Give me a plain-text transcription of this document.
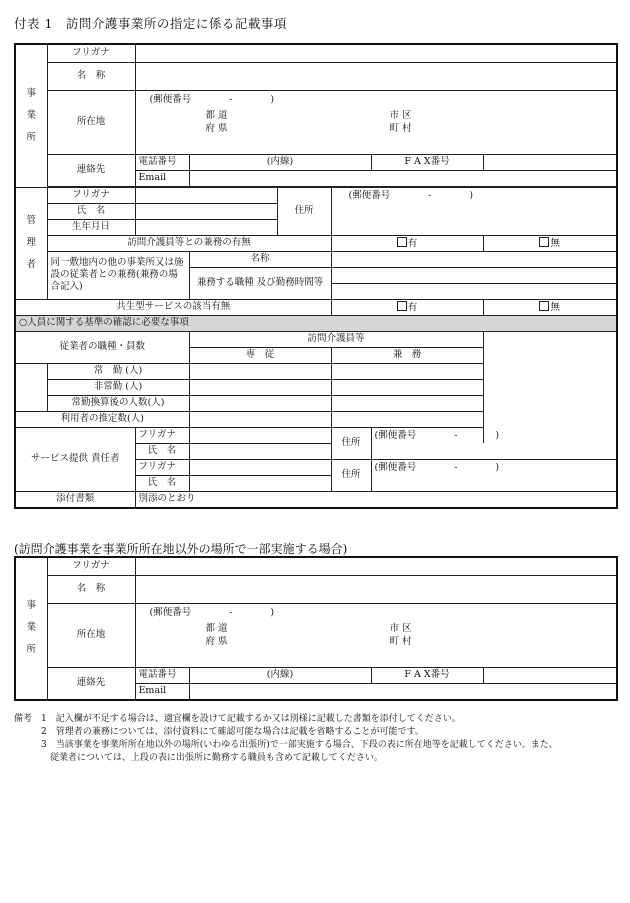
付表 1　訪問介護事業所の指定に係る記載事項
事
業
所	フリガナ						
	名　称						
	所在地	(郵便番号　　　　-　　　　)
都 道
府 県
市 区
町 村					

	連絡先	電話番号	(内線)			F A X番号	
		Email					

管
理
者	フリガナ			住所	(郵便番号　　　　-　　　　)		
	氏　名						
	生年月日						
	訪問介護員等との兼務の有無				有		無
	同一敷地内の他の事業所又は施設の従業者との兼務(兼務の場合記入)		名称				
			兼務する職種 及び勤務時間等				

共生型サービスの該当有無					有		無
○人員に関する基準の確認に必要な事項							
従業者の職種・員数			訪問介護員等				
			専　従		兼　務		
	常　勤 (人)						
	非常勤 (人)						
	常勤換算後の人数(人)						
利用者の推定数(人)							
サービス提供 責任者		フリガナ			住所	(郵便番号　　　　-　　　　)	
		氏　名					
		フリガナ			住所	(郵便番号　　　　-　　　　)	
		氏　名					
添付書類		別添のとおり					
(訪問介護事業を事業所所在地以外の場所で一部実施する場合)
事
業
所	フリガナ				
	名　称				
	所在地	(郵便番号　　　　-　　　　)
都 道
府 県
市 区
町 村			

	連絡先	電話番号	(内線)	F A X番号	
		Email			
備考　1　記入欄が不足する場合は、適宜欄を設けて記載するか又は別様に記載した書類を添付してください。
　　　2　管理者の兼務については、添付資料にて確認可能な場合は記載を省略することが可能です。
　　　3　当該事業を事業所所在地以外の場所(いわゆる出張所)で一部実施する場合、下段の表に所在地等を記載してください。また、
　　　　従業者については、上段の表に出張所に勤務する職員も含めて記載してください。
